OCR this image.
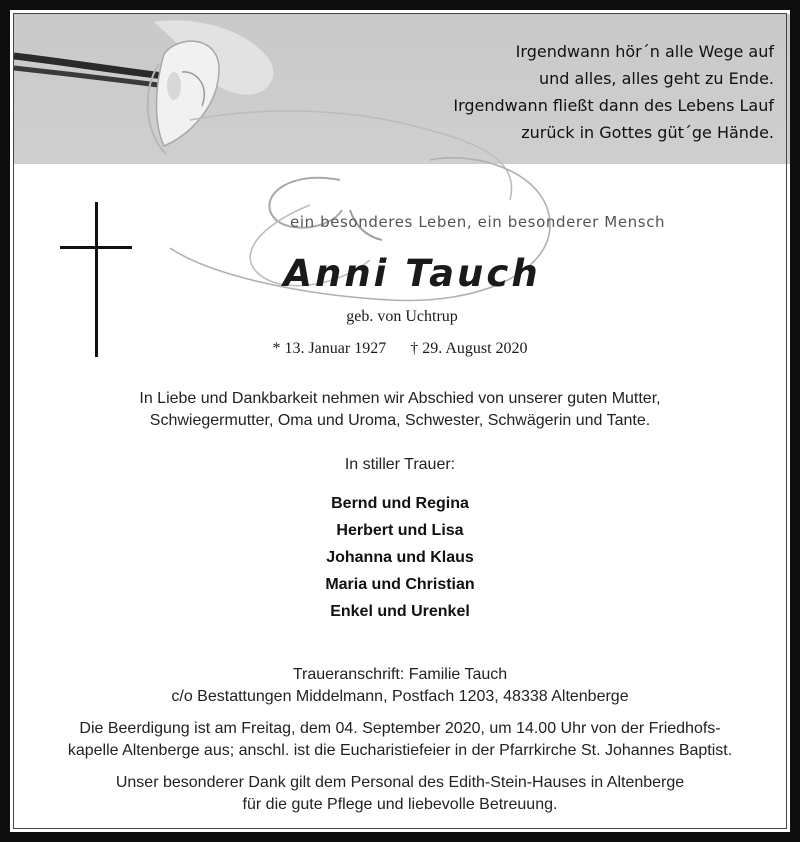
Irgendwann hör´n alle Wege auf
und alles, alles geht zu Ende.
Irgendwann fließt dann des Lebens Lauf
zurück in Gottes güt´ge Hände.
ein besonderes Leben, ein besonderer Mensch
Anni Tauch
geb. von Uchtrup
* 13. Januar 1927 † 29. August 2020
In Liebe und Dankbarkeit nehmen wir Abschied von unserer guten Mutter,
Schwiegermutter, Oma und Uroma, Schwester, Schwägerin und Tante.
In stiller Trauer:
Bernd und Regina
Herbert und Lisa
Johanna und Klaus
Maria und Christian
Enkel und Urenkel
Traueranschrift: Familie Tauch
c/o Bestattungen Middelmann, Postfach 1203, 48338 Altenberge
Die Beerdigung ist am Freitag, dem 04. September 2020, um 14.00 Uhr von der Friedhofs-
kapelle Altenberge aus; anschl. ist die Eucharistiefeier in der Pfarrkirche St. Johannes Baptist.
Unser besonderer Dank gilt dem Personal des Edith-Stein-Hauses in Altenberge
für die gute Pflege und liebevolle Betreuung.
